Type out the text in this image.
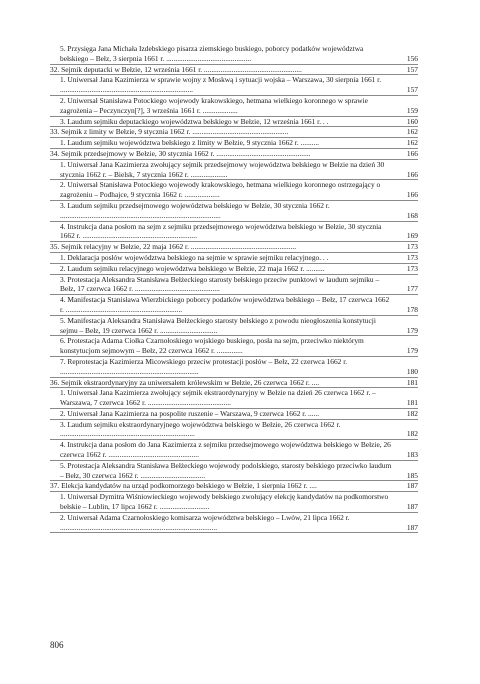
5. Przysięga Jana Michała Izdebskiego pisarza ziemskiego buskiego, poborcy podatków województwa bełskiego – Bełz, 3 sierpnia 1661 r. ..............................................	156
32. Sejmik deputacki w Bełzie, 12 września 1661 r. .....................................................	157
1. Uniwersał Jana Kazimierza w sprawie wojny z Moskwą i sytuacji wojska – Warszawa, 30 sierpnia 1661 r. ........................................................................	157
2. Uniwersał Stanisława Potockiego wojewody krakowskiego, hetmana wielkiego koronnego w sprawie zagrożenia – Peczynczyn[?], 3 września 1661 r. ...................	159
3. Laudum sejmiku deputackiego województwa bełskiego w Bełzie, 12 września 1661 r. . .	160
33. Sejmik z limity w Bełzie, 9 stycznia 1662 r. ....................................................	162
1. Laudum sejmiku województwa bełskiego z limity w Bełzie, 9 stycznia 1662 r. ..........	162
34. Sejmik przedsejmowy w Bełzie, 30 stycznia 1662 r. ...................................................	166
1. Uniwersał Jana Kazimierza zwołujący sejmik przedsejmowy województwa bełskiego w Bełzie na dzień 30 stycznia 1662 r. – Bielsk, 7 stycznia 1662 r. ....................	166
2. Uniwersał Stanisława Potockiego wojewody krakowskiego, hetmana wielkiego koronnego ostrzegający o zagrożeniu – Podhajce, 9 stycznia 1662 r. ...................	166
3. Laudum sejmiku przedsejmowego województwa bełskiego w Bełzie, 30 stycznia 1662 r. .......................................................................................	168
4. Instrukcja dana posłom na sejm z sejmiku przedsejmowego województwa bełskiego w Bełzie, 30 stycznia 1662 r. ..............................................................	169
35. Sejmik relacyjny w Bełzie, 22 maja 1662 r. .........................................................	173
1. Deklaracja posłów województwa bełskiego na sejmie w sprawie sejmiku relacyjnego. . .	173
2. Laudum sejmiku relacyjnego województwa bełskiego w Bełzie, 22 maja 1662 r. ..........	173
3. Protestacja Aleksandra Stanisława Bełżeckiego starosty bełskiego przeciw punktowi w laudum sejmiku – Bełz, 17 czerwca 1662 r. ..............................................	177
4. Manifestacja Stanisława Wierzbickiego poborcy podatków województwa bełskiego – Bełz, 17 czerwca 1662 r. ...............................................................	178
5. Manifestacja Aleksandra Stanisława Bełżeckiego starosty bełskiego z powodu nieogłoszenia konstytucji sejmu – Bełz, 19 czerwca 1662 r. ...............................	179
6. Protestacja Adama Ciołka Czarnołoskiego wojskiego buskiego, posła na sejm, przeciwko niektórym konstytucjom sejmowym – Bełz, 22 czerwca 1662 r. ..............	179
7. Reprotestacja Kazimierza Micowskiego przeciw protestacji posłów – Bełz, 22 czerwca 1662 r. ...........................................................................	180
36. Sejmik ekstraordynaryjny za uniwersałem królewskim w Bełzie, 26 czerwca 1662 r. ....	181
1. Uniwersał Jana Kazimierza zwołujący sejmik ekstraordynaryjny w Bełzie na dzień 26 czerwca 1662 r. – Warszawa, 7 czerwca 1662 r. .............................................	181
2. Uniwersał Jana Kazimierza na pospolite ruszenie – Warszawa, 9 czerwca 1662 r. ......	182
3. Laudum sejmiku ekstraordynaryjnego województwa bełskiego w Bełzie, 26 czerwca 1662 r. .........................................................................	182
4. Instrukcja dana posłom do Jana Kazimierza z sejmiku przedsejmowego województwa bełskiego w Bełzie, 26 czerwca 1662 r. .................................................	183
5. Protestacja Aleksandra Stanisława Bełżeckiego wojewody podolskiego, starosty bełskiego przeciwko laudum – Bełz, 30 czerwca 1662 r. ...................................	185
37. Elekcja kandydatów na urząd podkomorzego bełskiego w Bełzie, 1 sierpnia 1662 r. ....	187
1. Uniwersał Dymitra Wiśniowieckiego wojewody bełskiego zwołujący elekcję kandydatów na podkomorstwo bełskie – Lublin, 17 lipca 1662 r. ...........................	187
2. Uniwersał Adama Czarnołoskiego komisarza województwa bełskiego – Lwów, 21 lipca 1662 r. .....................................................................................	187
806
